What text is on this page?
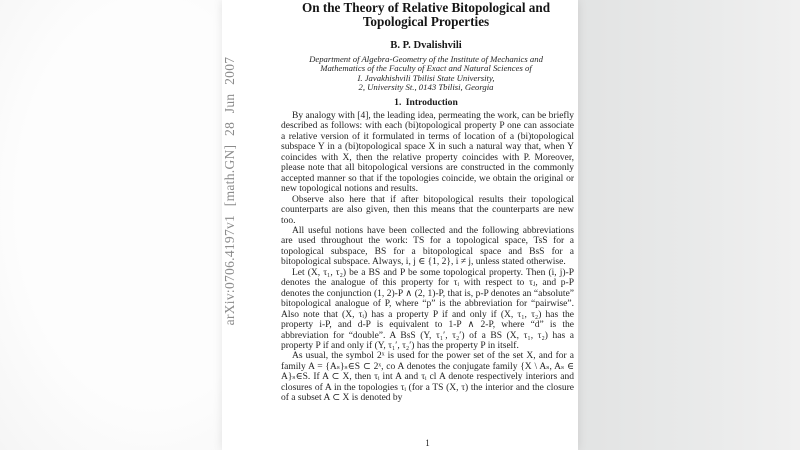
arXiv:0706.4197v1 [math.GN] 28 Jun 2007
On the Theory of Relative Bitopological and Topological Properties
B. P. Dvalishvili
Department of Algebra-Geometry of the Institute of Mechanics and
Mathematics of the Faculty of Exact and Natural Sciences of
I. Javakhishvili Tbilisi State University,
2, University St., 0143 Tbilisi, Georgia
1. Introduction

By analogy with [4], the leading idea, permeating the work, can be briefly described as follows: with each (bi)topological property P one can associate a relative version of it formulated in terms of location of a (bi)topological subspace Y in a (bi)topological space X in such a natural way that, when Y coincides with X, then the relative property coincides with P. Moreover, please note that all bitopological versions are constructed in the commonly accepted manner so that if the topologies coincide, we obtain the original or new topological notions and results.

Observe also here that if after bitopological results their topological counterparts are also given, then this means that the counterparts are new too.

All useful notions have been collected and the following abbreviations are used throughout the work: TS for a topological space, TsS for a topological subspace, BS for a bitopological space and BsS for a bitopological subspace. Always, i, j ∈ {1, 2}, i ≠ j, unless stated otherwise.

Let (X, τ₁, τ₂) be a BS and P be some topological property. Then (i, j)-P denotes the analogue of this property for τᵢ with respect to τⱼ, and p-P denotes the conjunction (1, 2)-P ∧ (2, 1)-P, that is, p-P denotes an “absolute” bitopological analogue of P, where “p” is the abbreviation for “pairwise”. Also note that (X, τᵢ) has a property P if and only if (X, τ₁, τ₂) has the property i-P, and d-P is equivalent to 1-P ∧ 2-P, where “d” is the abbreviation for “double”. A BsS (Y, τ₁′, τ₂′) of a BS (X, τ₁, τ₂) has a property P if and only if (Y, τ₁′, τ₂′) has the property P in itself.

As usual, the symbol 2ˣ is used for the power set of the set X, and for a family A = {Aₛ}ₛ∈S ⊂ 2ˣ, co A denotes the conjugate family {X \ Aₛ, Aₛ ∈ A}ₛ∈S. If A ⊂ X, then τᵢ int A and τᵢ cl A denote respectively interiors and closures of A in the topologies τᵢ (for a TS (X, τ) the interior and the closure of a subset A ⊂ X is denoted by

1
